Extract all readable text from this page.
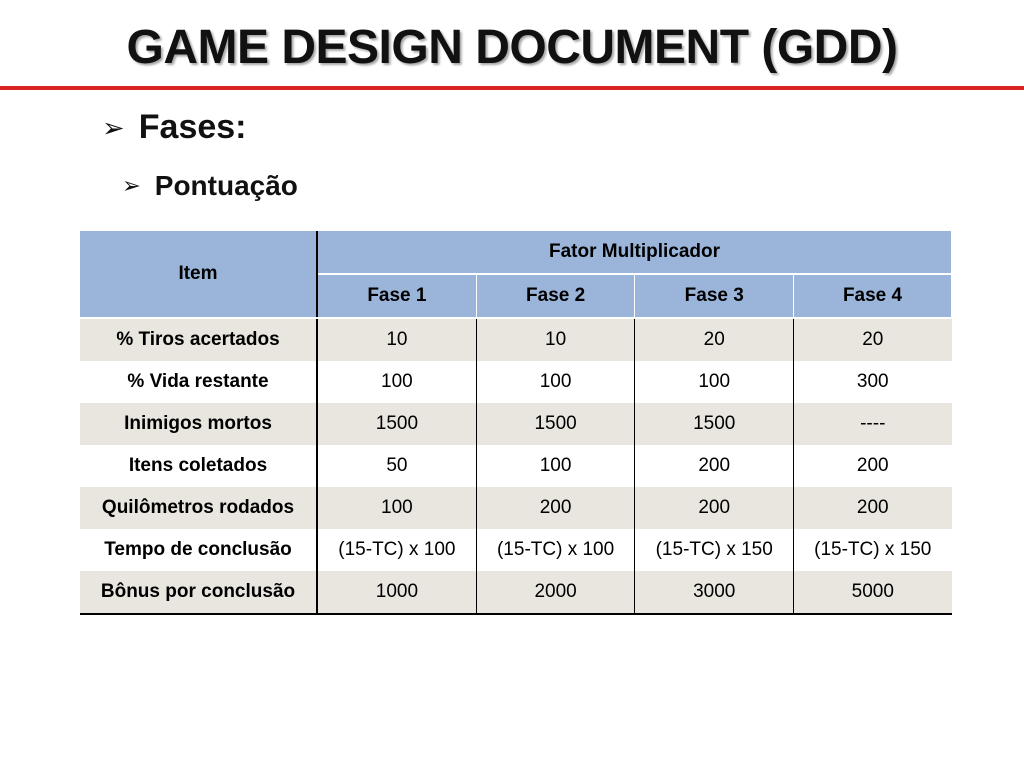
GAME DESIGN DOCUMENT (GDD)
➢ Fases:
➢ Pontuação
Item	Fator Multiplicador			
	Fase 1	Fase 2	Fase 3	Fase 4
% Tiros acertados	10	10	20	20
% Vida restante	100	100	100	300
Inimigos mortos	1500	1500	1500	----
Itens coletados	50	100	200	200
Quilômetros rodados	100	200	200	200
Tempo de conclusão	(15-TC) x 100	(15-TC) x 100	(15-TC) x 150	(15-TC) x 150
Bônus por conclusão	1000	2000	3000	5000
